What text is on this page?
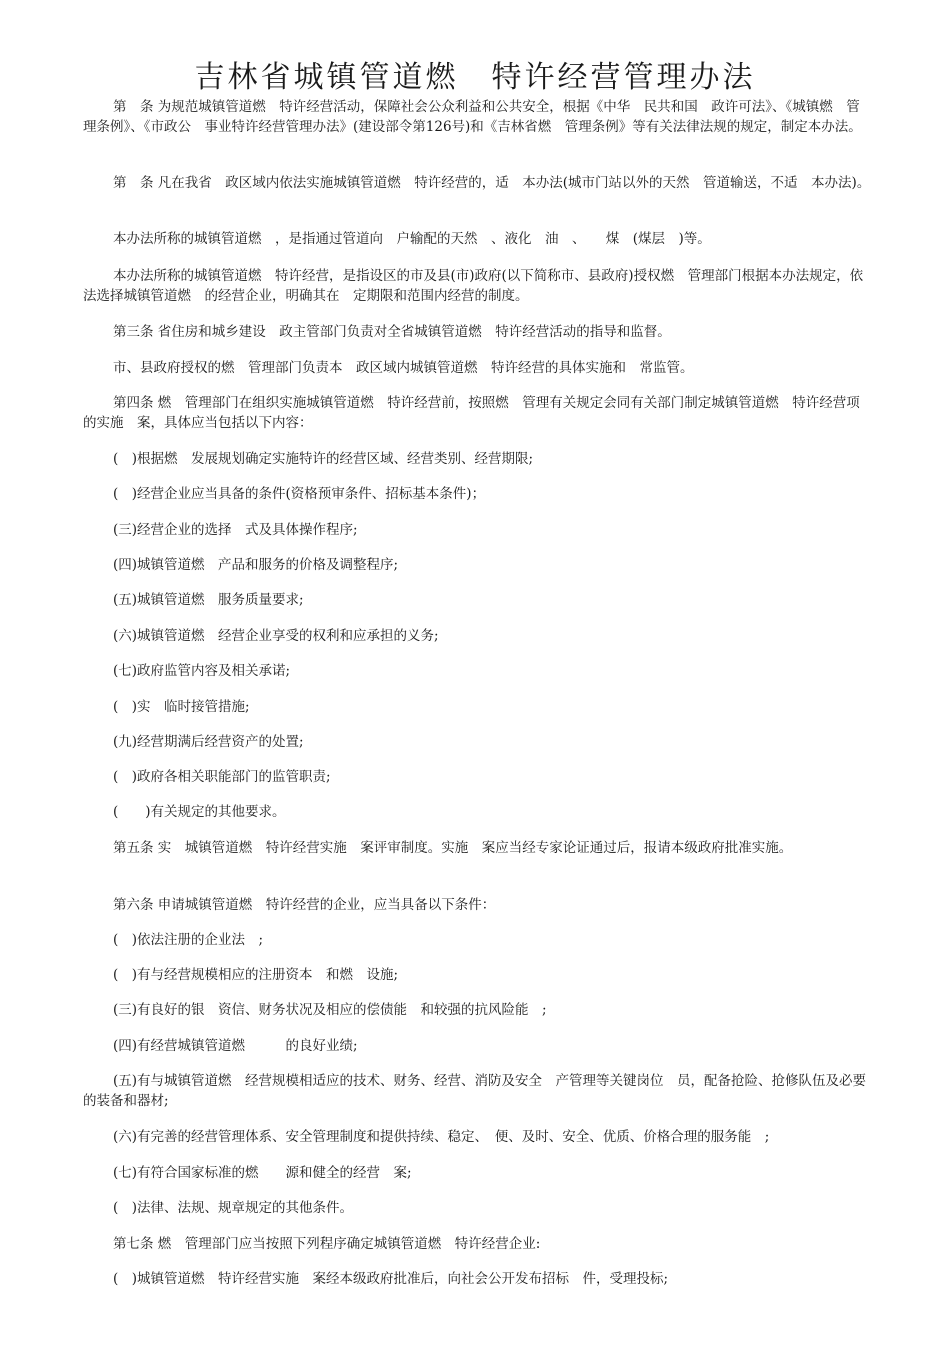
吉林省城镇管道燃　特许经营管理办法

第　条 为规范城镇管道燃　特许经营活动，保障社会公众利益和公共安全，根据《中华　民共和国　政许可法》、《城镇燃　管理条例》、《市政公　事业特许经营管理办法》(建设部令第126号)和《吉林省燃　管理条例》等有关法律法规的规定，制定本办法。

第　条 凡在我省　政区域内依法实施城镇管道燃　特许经营的，适　本办法(城市门站以外的天然　管道输送，不适　本办法)。

本办法所称的城镇管道燃　，是指通过管道向　户输配的天然　、液化　油　、　　煤　(煤层　)等。

本办法所称的城镇管道燃　特许经营，是指设区的市及县(市)政府(以下简称市、县政府)授权燃　管理部门根据本办法规定，依法选择城镇管道燃　的经营企业，明确其在　定期限和范围内经营的制度。

第三条 省住房和城乡建设　政主管部门负责对全省城镇管道燃　特许经营活动的指导和监督。

市、县政府授权的燃　管理部门负责本　政区域内城镇管道燃　特许经营的具体实施和　常监管。

第四条 燃　管理部门在组织实施城镇管道燃　特许经营前，按照燃　管理有关规定会同有关部门制定城镇管道燃　特许经营项　的实施　案，具体应当包括以下内容：

(　)根据燃　发展规划确定实施特许的经营区域、经营类别、经营期限;

(　)经营企业应当具备的条件(资格预审条件、招标基本条件)；

(三)经营企业的选择　式及具体操作程序;

(四)城镇管道燃　产品和服务的价格及调整程序;

(五)城镇管道燃　服务质量要求;

(六)城镇管道燃　经营企业享受的权利和应承担的义务;

(七)政府监管内容及相关承诺;

(　)实　临时接管措施;

(九)经营期满后经营资产的处置;

(　)政府各相关职能部门的监管职责;

(　　)有关规定的其他要求。

第五条 实　城镇管道燃　特许经营实施　案评审制度。实施　案应当经专家论证通过后，报请本级政府批准实施。

第六条 申请城镇管道燃　特许经营的企业，应当具备以下条件：

(　)依法注册的企业法　;

(　)有与经营规模相应的注册资本　和燃　设施;

(三)有良好的银　资信、财务状况及相应的偿债能　和较强的抗风险能　;

(四)有经营城镇管道燃　　　的良好业绩;

(五)有与城镇管道燃　经营规模相适应的技术、财务、经营、消防及安全　产管理等关键岗位　员，配备抢险、抢修队伍及必要的装备和器材;

(六)有完善的经营管理体系、安全管理制度和提供持续、稳定、　便、及时、安全、优质、价格合理的服务能　;

(七)有符合国家标准的燃　　源和健全的经营　案;

(　)法律、法规、规章规定的其他条件。

第七条 燃　管理部门应当按照下列程序确定城镇管道燃　特许经营企业:

(　)城镇管道燃　特许经营实施　案经本级政府批准后，向社会公开发布招标　件，受理投标;
